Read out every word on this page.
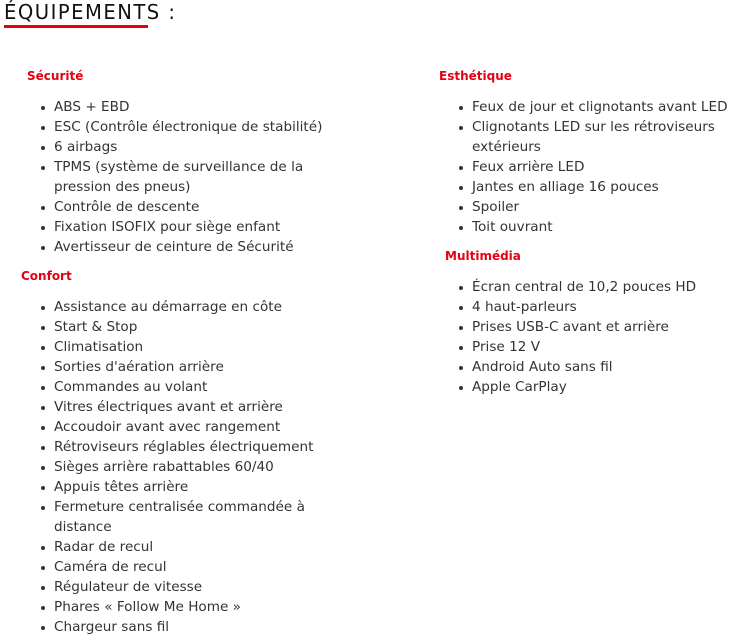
ÉQUIPEMENTS :
Sécurité
ABS + EBD
ESC (Contrôle électronique de stabilité)
6 airbags
TPMS (système de surveillance de la pression des pneus)
Contrôle de descente
Fixation ISOFIX pour siège enfant
Avertisseur de ceinture de Sécurité
Confort
Assistance au démarrage en côte
Start & Stop
Climatisation
Sorties d'aération arrière
Commandes au volant
Vitres électriques avant et arrière
Accoudoir avant avec rangement
Rétroviseurs réglables électriquement
Sièges arrière rabattables 60/40
Appuis têtes arrière
Fermeture centralisée commandée à distance
Radar de recul
Caméra de recul
Régulateur de vitesse
Phares « Follow Me Home »
Chargeur sans fil
Esthétique
Feux de jour et clignotants avant LED
Clignotants LED sur les rétroviseurs extérieurs
Feux arrière LED
Jantes en alliage 16 pouces
Spoiler
Toit ouvrant
Multimédia
Écran central de 10,2 pouces HD
4 haut-parleurs
Prises USB-C avant et arrière
Prise 12 V
Android Auto sans fil
Apple CarPlay
